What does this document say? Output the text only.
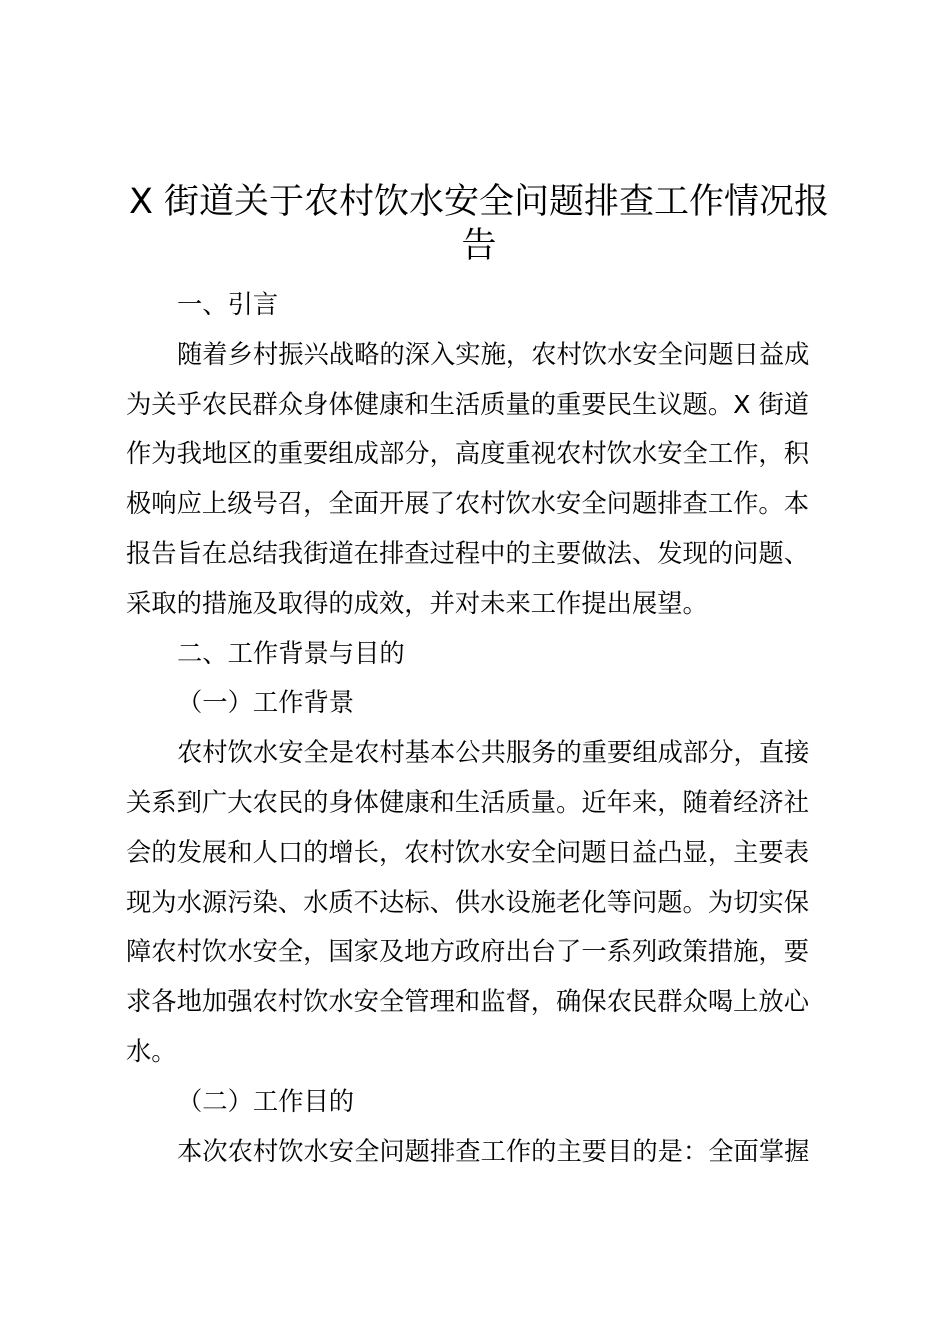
X 街道关于农村饮水安全问题排查工作情况报
告

一、引言

随着乡村振兴战略的深入实施，农村饮水安全问题日益成

为关乎农民群众身体健康和生活质量的重要民生议题。X 街道

作为我地区的重要组成部分，高度重视农村饮水安全工作，积

极响应上级号召，全面开展了农村饮水安全问题排查工作。本

报告旨在总结我街道在排查过程中的主要做法、发现的问题、

采取的措施及取得的成效，并对未来工作提出展望。

二、工作背景与目的

（一）工作背景

农村饮水安全是农村基本公共服务的重要组成部分，直接

关系到广大农民的身体健康和生活质量。近年来，随着经济社

会的发展和人口的增长，农村饮水安全问题日益凸显，主要表

现为水源污染、水质不达标、供水设施老化等问题。为切实保

障农村饮水安全，国家及地方政府出台了一系列政策措施，要

求各地加强农村饮水安全管理和监督，确保农民群众喝上放心

水。

（二）工作目的

本次农村饮水安全问题排查工作的主要目的是：全面掌握
